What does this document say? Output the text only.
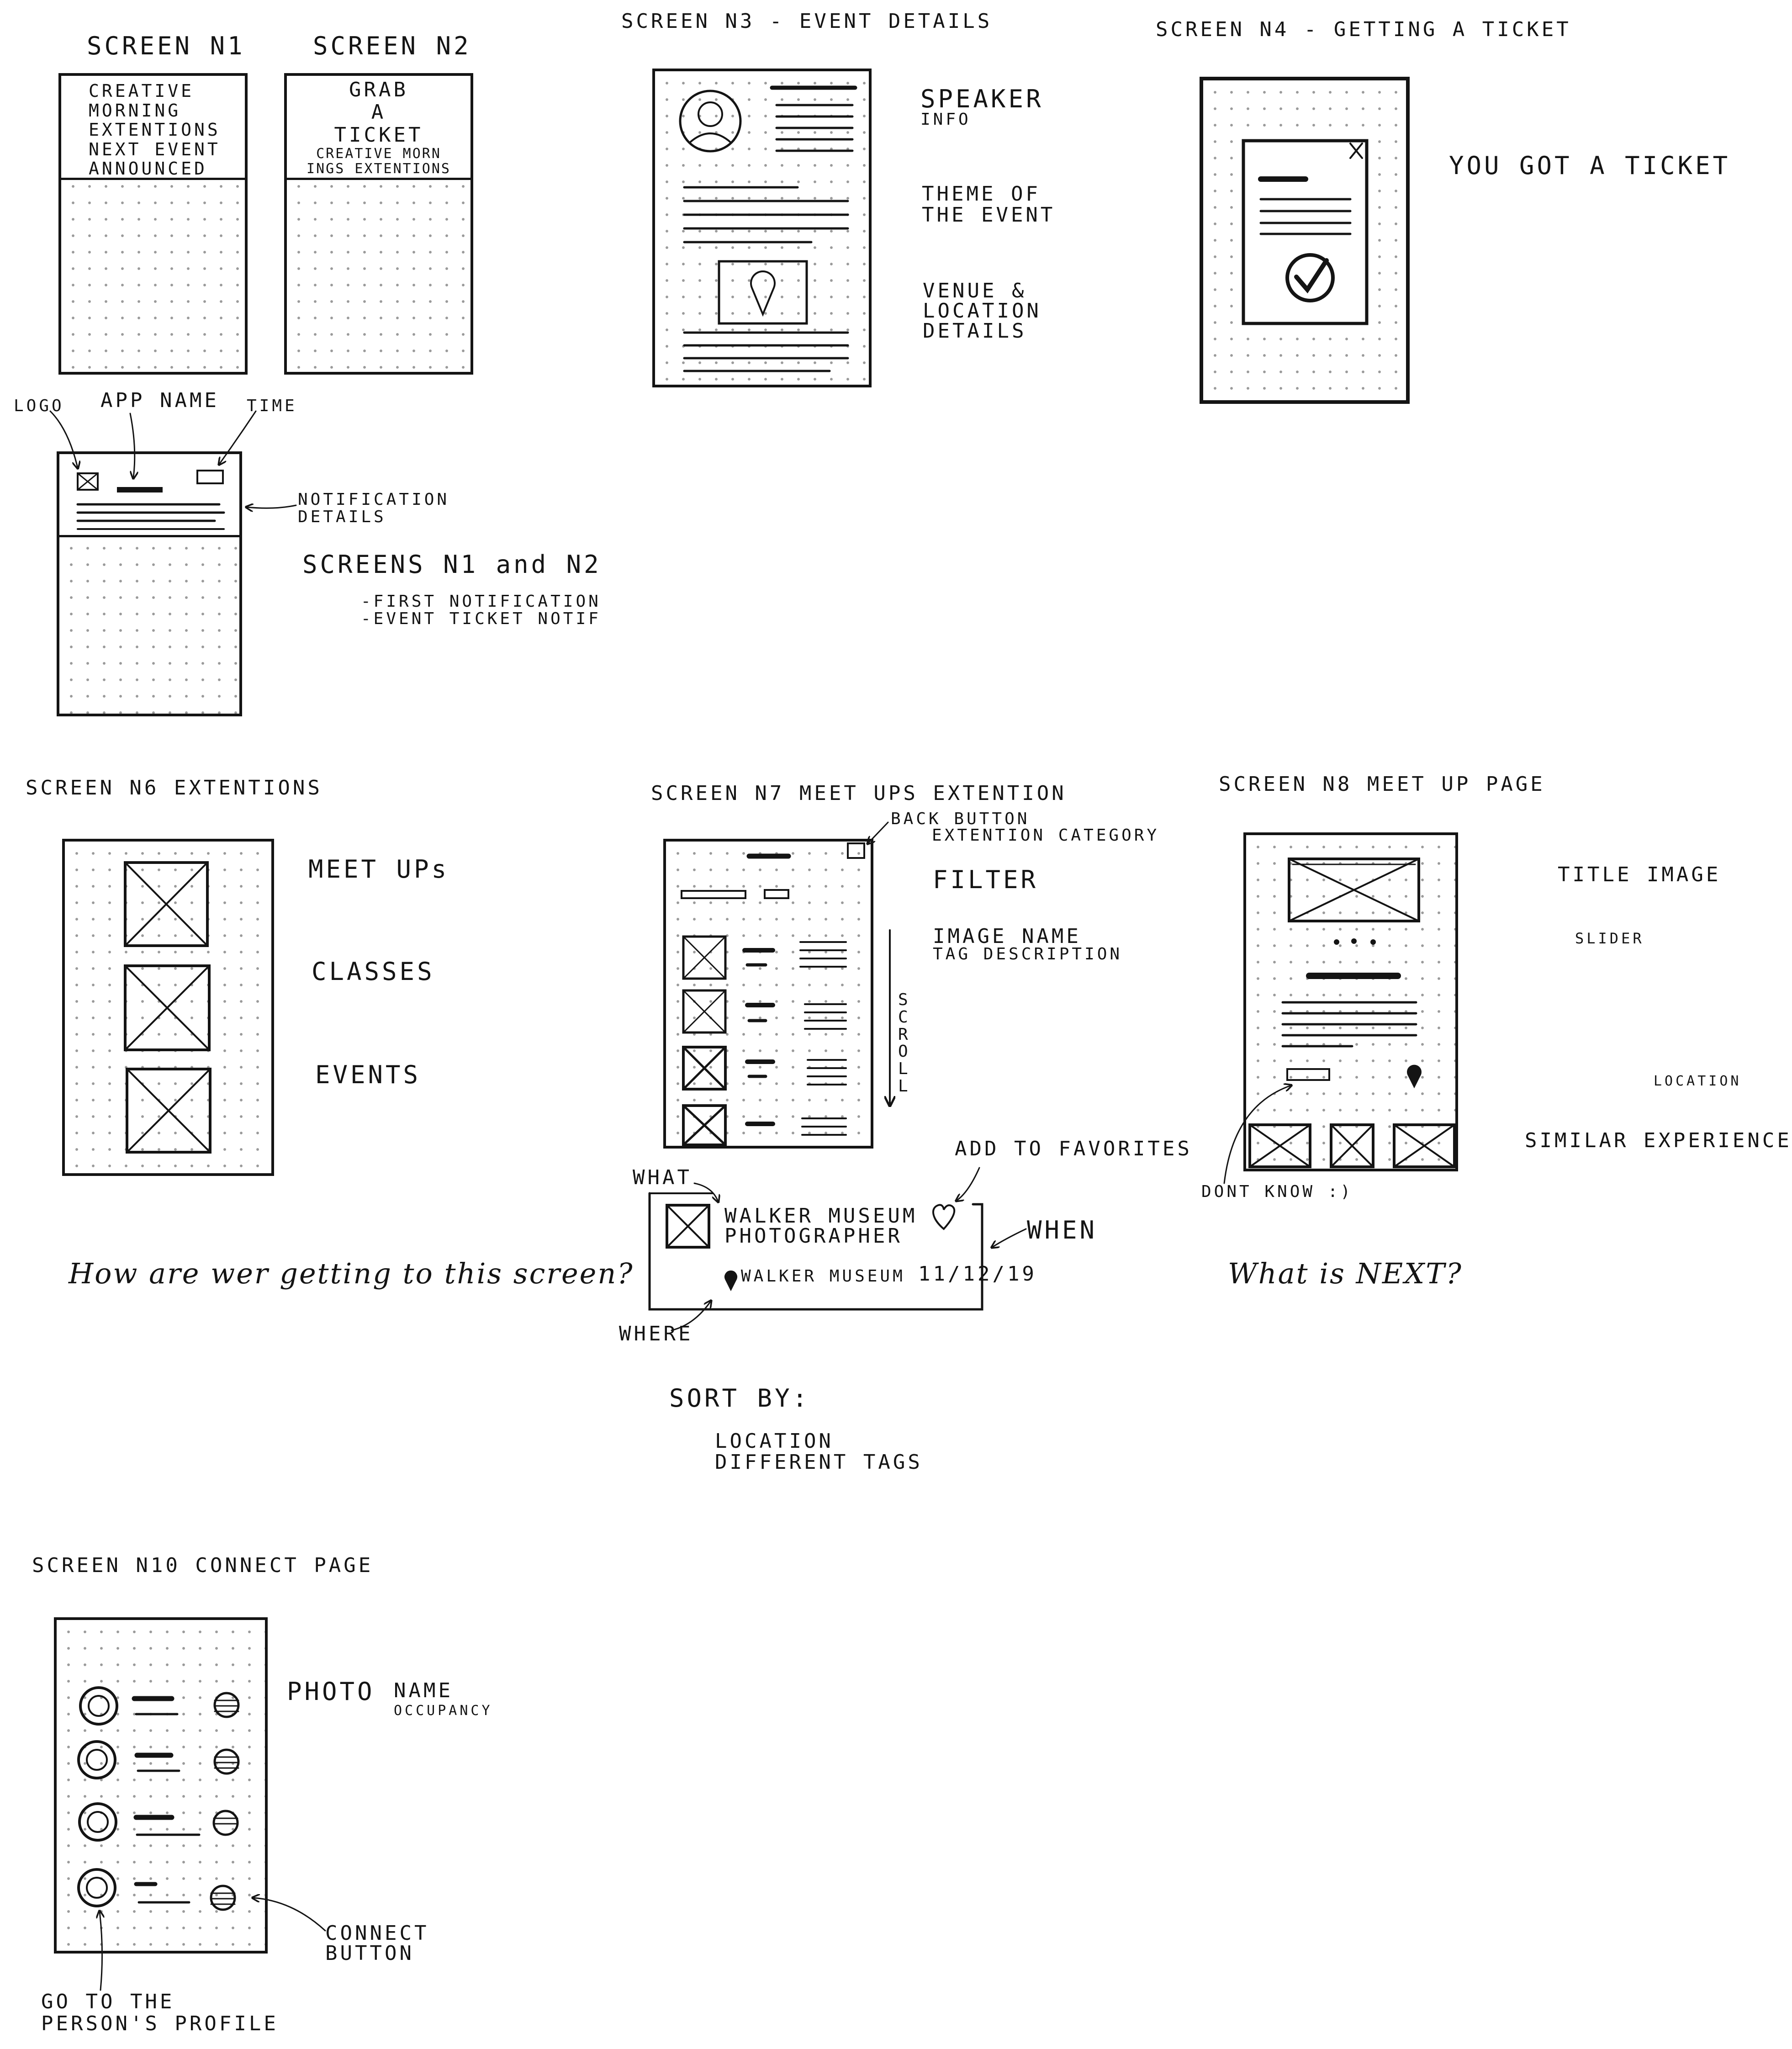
SCREEN N1
CREATIVE
MORNING
EXTENTIONS
NEXT EVENT
ANNOUNCED
SCREEN N2
GRAB
A
TICKET
CREATIVE MORN
INGS EXTENTIONS
LOGO APP NAME TIME
NOTIFICATION
DETAILS
SCREENS N1 and N2
-FIRST NOTIFICATION
-EVENT TICKET NOTIF
SCREEN N3 - EVENT DETAILS
SPEAKER
INFO
THEME OF
THE EVENT
VENUE &
LOCATION
DETAILS
SCREEN N4 - GETTING A TICKET
YOU GOT A TICKET
SCREEN N6 EXTENTIONS
MEET UPs
CLASSES
EVENTS
How are wer getting to this screen?
SCREEN N7 MEET UPS EXTENTION
BACK BUTTON
EXTENTION CATEGORY
FILTER
IMAGE NAME
TAG DESCRIPTION
S
C
R
O
L
L
WHAT
ADD TO FAVORITES
WHEN
WHERE
WALKER MUSEUM
PHOTOGRAPHER
WALKER MUSEUM 11/12/19
SORT BY:
LOCATION
DIFFERENT TAGS
SCREEN N8 MEET UP PAGE
TITLE IMAGE
SLIDER
LOCATION
SIMILAR EXPERIENCE
DONT KNOW :)
What is NEXT?
SCREEN N10 CONNECT PAGE
PHOTO NAME
OCCUPANCY
CONNECT
BUTTON
GO TO THE
PERSON'S PROFILE
